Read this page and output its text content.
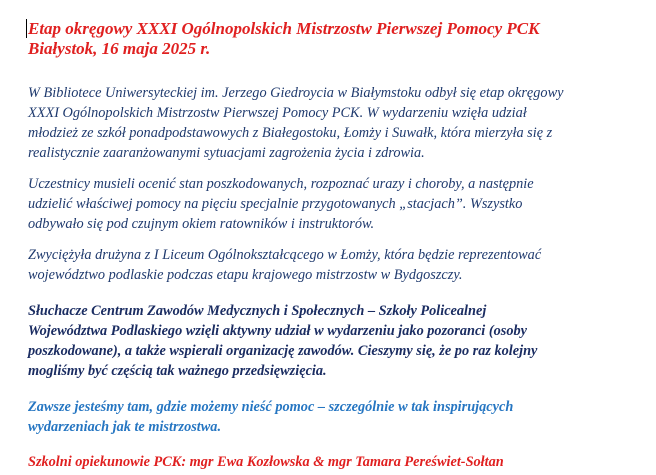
Etap okręgowy XXXI Ogólnopolskich Mistrzostw Pierwszej Pomocy PCK
Białystok, 16 maja 2025 r.

W Bibliotece Uniwersyteckiej im. Jerzego Giedroycia w Białymstoku odbył się etap okręgowy
XXXI Ogólnopolskich Mistrzostw Pierwszej Pomocy PCK. W wydarzeniu wzięła udział
młodzież ze szkół ponadpodstawowych z Białegostoku, Łomży i Suwałk, która mierzyła się z
realistycznie zaaranżowanymi sytuacjami zagrożenia życia i zdrowia.

Uczestnicy musieli ocenić stan poszkodowanych, rozpoznać urazy i choroby, a następnie
udzielić właściwej pomocy na pięciu specjalnie przygotowanych „stacjach”. Wszystko
odbywało się pod czujnym okiem ratowników i instruktorów.

Zwyciężyła drużyna z I Liceum Ogólnokształcącego w Łomży, która będzie reprezentować
województwo podlaskie podczas etapu krajowego mistrzostw w Bydgoszczy.

Słuchacze Centrum Zawodów Medycznych i Społecznych – Szkoły Policealnej
Województwa Podlaskiego wzięli aktywny udział w wydarzeniu jako pozoranci (osoby
poszkodowane), a także wspierali organizację zawodów. Cieszymy się, że po raz kolejny
mogliśmy być częścią tak ważnego przedsięwzięcia.

Zawsze jesteśmy tam, gdzie możemy nieść pomoc – szczególnie w tak inspirujących
wydarzeniach jak te mistrzostwa.

Szkolni opiekunowie PCK: mgr Ewa Kozłowska & mgr Tamara Pereświet-Sołtan
